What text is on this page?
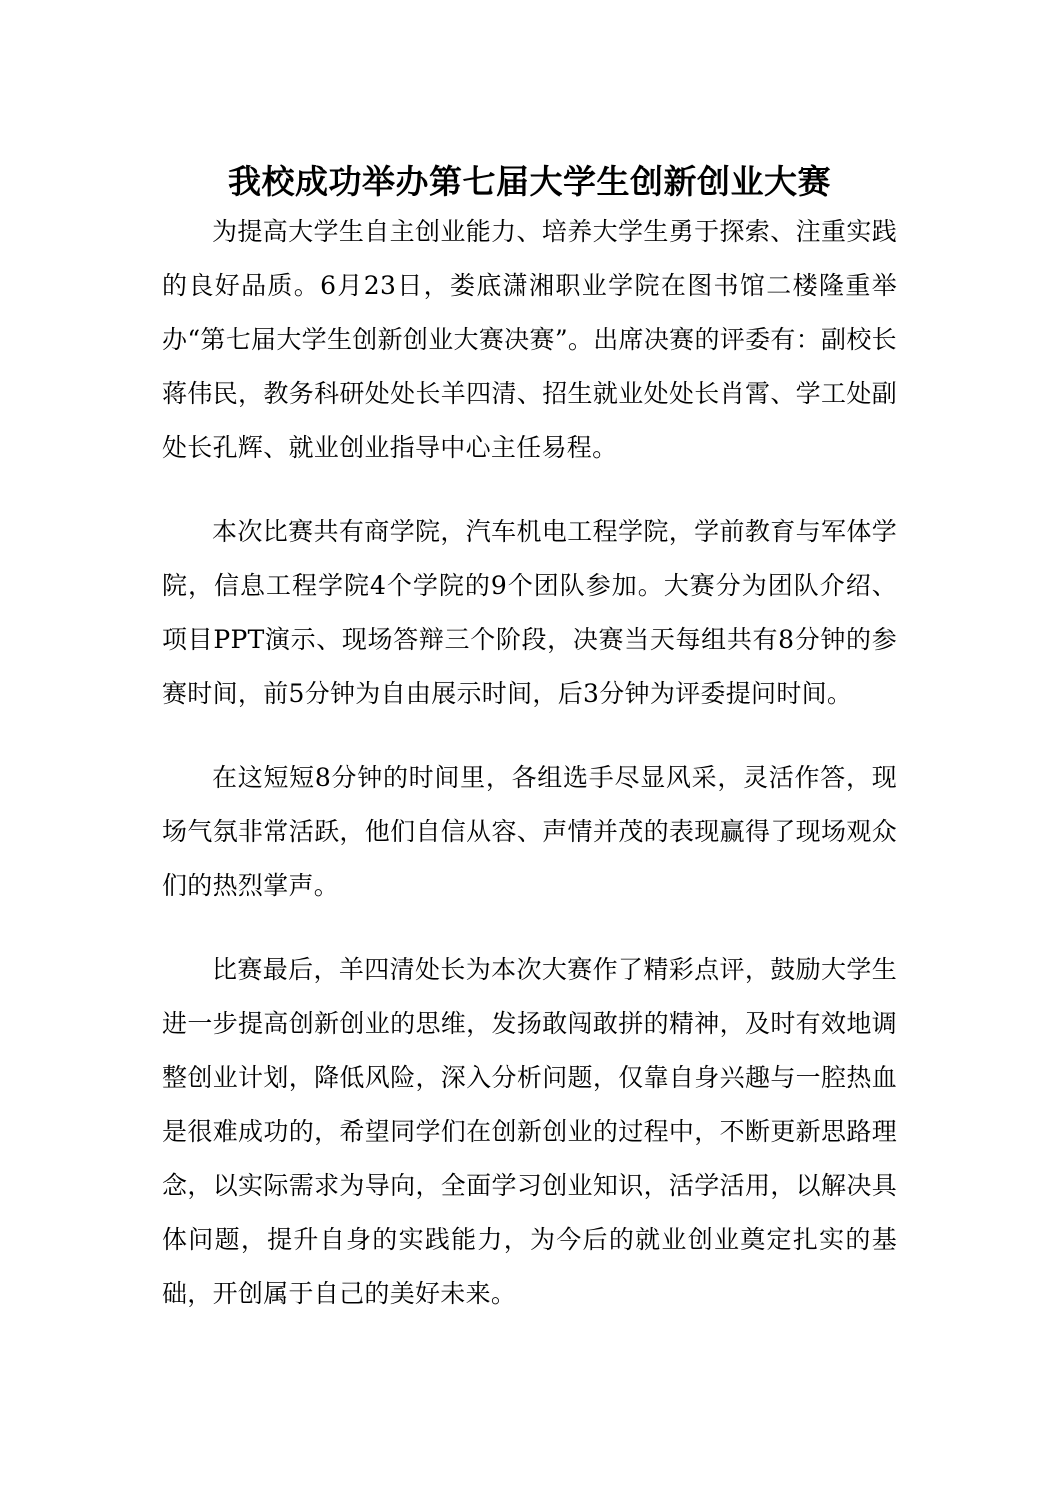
我校成功举办第七届大学生创新创业大赛

为提高大学生自主创业能力、培养大学生勇于探索、注重实践的良好品质。6月23日，娄底潇湘职业学院在图书馆二楼隆重举办“第七届大学生创新创业大赛决赛”。出席决赛的评委有：副校长蒋伟民，教务科研处处长羊四清、招生就业处处长肖霄、学工处副处长孔辉、就业创业指导中心主任易程。

本次比赛共有商学院，汽车机电工程学院，学前教育与军体学院，信息工程学院4个学院的9个团队参加。大赛分为团队介绍、项目PPT演示、现场答辩三个阶段，决赛当天每组共有8分钟的参赛时间，前5分钟为自由展示时间，后3分钟为评委提问时间。

在这短短8分钟的时间里，各组选手尽显风采，灵活作答，现场气氛非常活跃，他们自信从容、声情并茂的表现赢得了现场观众们的热烈掌声。

比赛最后，羊四清处长为本次大赛作了精彩点评，鼓励大学生进一步提高创新创业的思维，发扬敢闯敢拼的精神，及时有效地调整创业计划，降低风险，深入分析问题，仅靠自身兴趣与一腔热血是很难成功的，希望同学们在创新创业的过程中，不断更新思路理念，以实际需求为导向，全面学习创业知识，活学活用，以解决具体问题，提升自身的实践能力，为今后的就业创业奠定扎实的基础，开创属于自己的美好未来。
